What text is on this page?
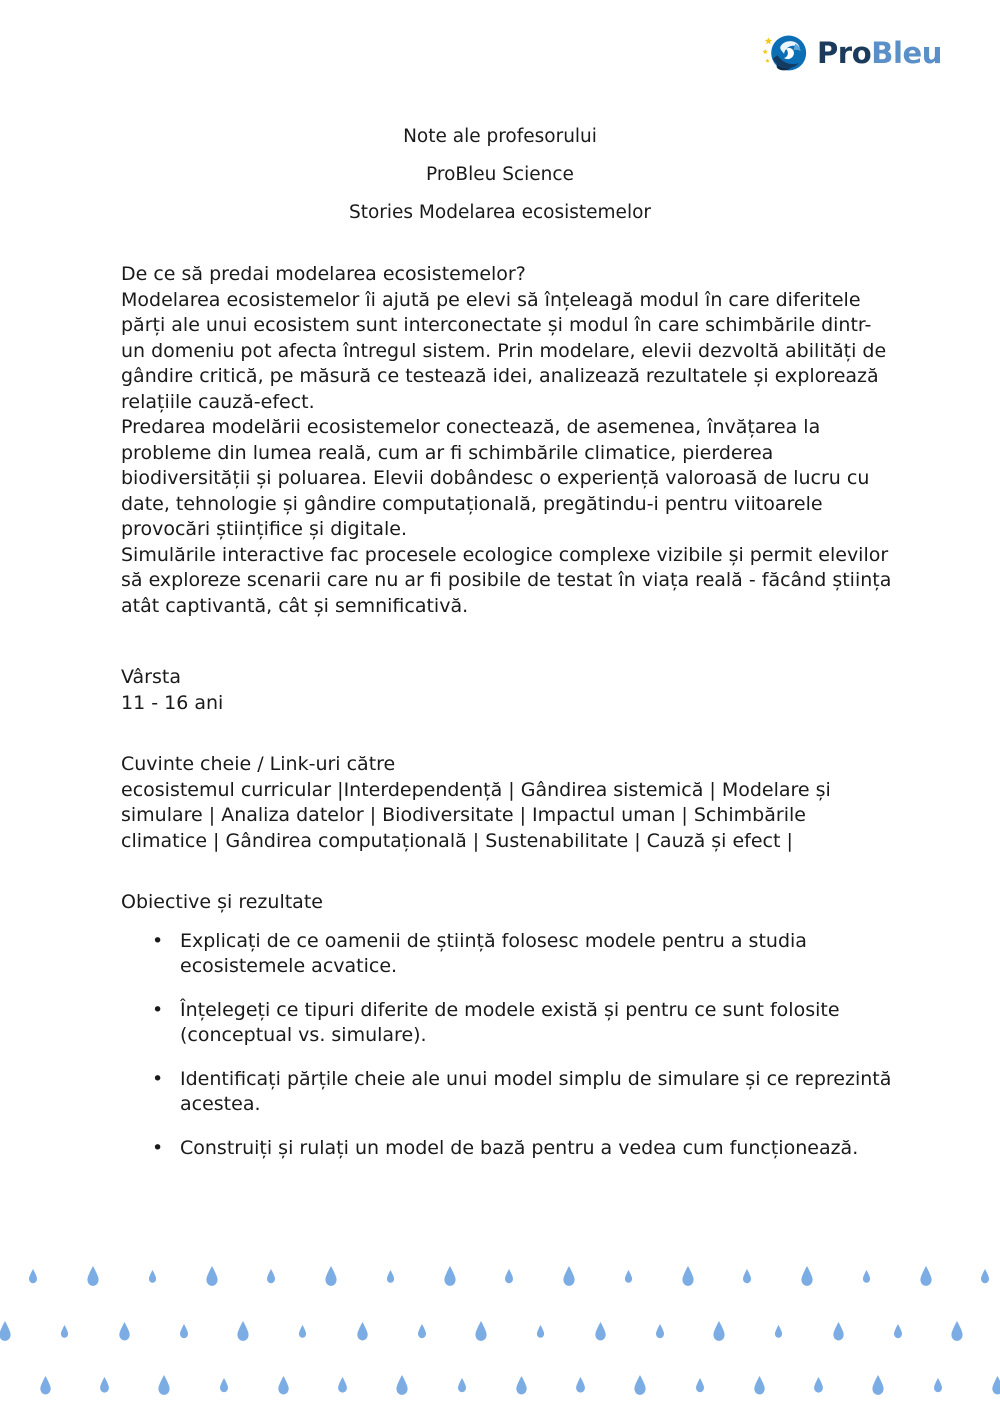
ProBleu
Note ale profesorului
ProBleu Science
Stories Modelarea ecosistemelor

De ce să predai modelarea ecosistemelor?

Modelarea ecosistemelor îi ajută pe elevi să înțeleagă modul în care diferitele părți ale unui ecosistem sunt interconectate și modul în care schimbările dintr-un domeniu pot afecta întregul sistem. Prin modelare, elevii dezvoltă abilități de gândire critică, pe măsură ce testează idei, analizează rezultatele și explorează relațiile cauză-efect.

Predarea modelării ecosistemelor conectează, de asemenea, învățarea la probleme din lumea reală, cum ar fi schimbările climatice, pierderea biodiversității și poluarea. Elevii dobândesc o experiență valoroasă de lucru cu date, tehnologie și gândire computațională, pregătindu-i pentru viitoarele provocări științifice și digitale.

Simulările interactive fac procesele ecologice complexe vizibile și permit elevilor să exploreze scenarii care nu ar fi posibile de testat în viața reală - făcând știința atât captivantă, cât și semnificativă.

Vârsta

11 - 16 ani

Cuvinte cheie / Link-uri către

ecosistemul curricular |Interdependență | Gândirea sistemică | Modelare și simulare | Analiza datelor | Biodiversitate | Impactul uman | Schimbările climatice | Gândirea computațională | Sustenabilitate | Cauză și efect |

Obiective și rezultate

• Explicați de ce oamenii de știință folosesc modele pentru a studia ecosistemele acvatice.
• Înțelegeți ce tipuri diferite de modele există și pentru ce sunt folosite (conceptual vs. simulare).
• Identificați părțile cheie ale unui model simplu de simulare și ce reprezintă acestea.
• Construiți și rulați un model de bază pentru a vedea cum funcționează.
